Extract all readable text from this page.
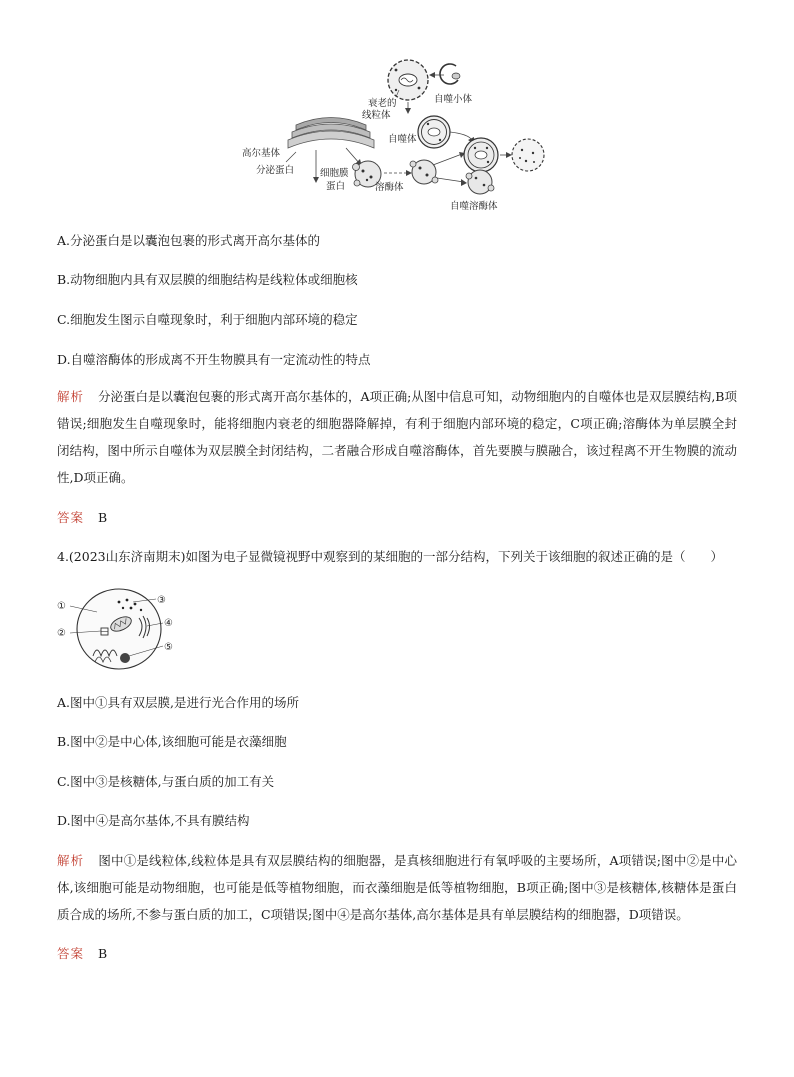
高尔基体
分泌蛋白	细胞膜
蛋白	溶酶体
衰老的
线粒体
自噬小体
自噬体
自噬溶酶体
A.分泌蛋白是以囊泡包裹的形式离开高尔基体的
B.动物细胞内具有双层膜的细胞结构是线粒体或细胞核
C.细胞发生图示自噬现象时，利于细胞内部环境的稳定
D.自噬溶酶体的形成离不开生物膜具有一定流动性的特点
解析 分泌蛋白是以囊泡包裹的形式离开高尔基体的，A项正确;从图中信息可知，动物细胞内的自噬体也是双层膜结构,B项错误;细胞发生自噬现象时，能将细胞内衰老的细胞器降解掉，有利于细胞内部环境的稳定，C项正确;溶酶体为单层膜全封闭结构，图中所示自噬体为双层膜全封闭结构，二者融合形成自噬溶酶体，首先要膜与膜融合，该过程离不开生物膜的流动性,D项正确。
答案 B
4.(2023山东济南期末)如图为电子显微镜视野中观察到的某细胞的一部分结构，下列关于该细胞的叙述正确的是（　　）
①
②
③
④
⑤
A.图中①具有双层膜,是进行光合作用的场所
B.图中②是中心体,该细胞可能是衣藻细胞
C.图中③是核糖体,与蛋白质的加工有关
D.图中④是高尔基体,不具有膜结构
解析 图中①是线粒体,线粒体是具有双层膜结构的细胞器，是真核细胞进行有氧呼吸的主要场所，A项错误;图中②是中心体,该细胞可能是动物细胞，也可能是低等植物细胞，而衣藻细胞是低等植物细胞，B项正确;图中③是核糖体,核糖体是蛋白质合成的场所,不参与蛋白质的加工，C项错误;图中④是高尔基体,高尔基体是具有单层膜结构的细胞器，D项错误。
答案 B
